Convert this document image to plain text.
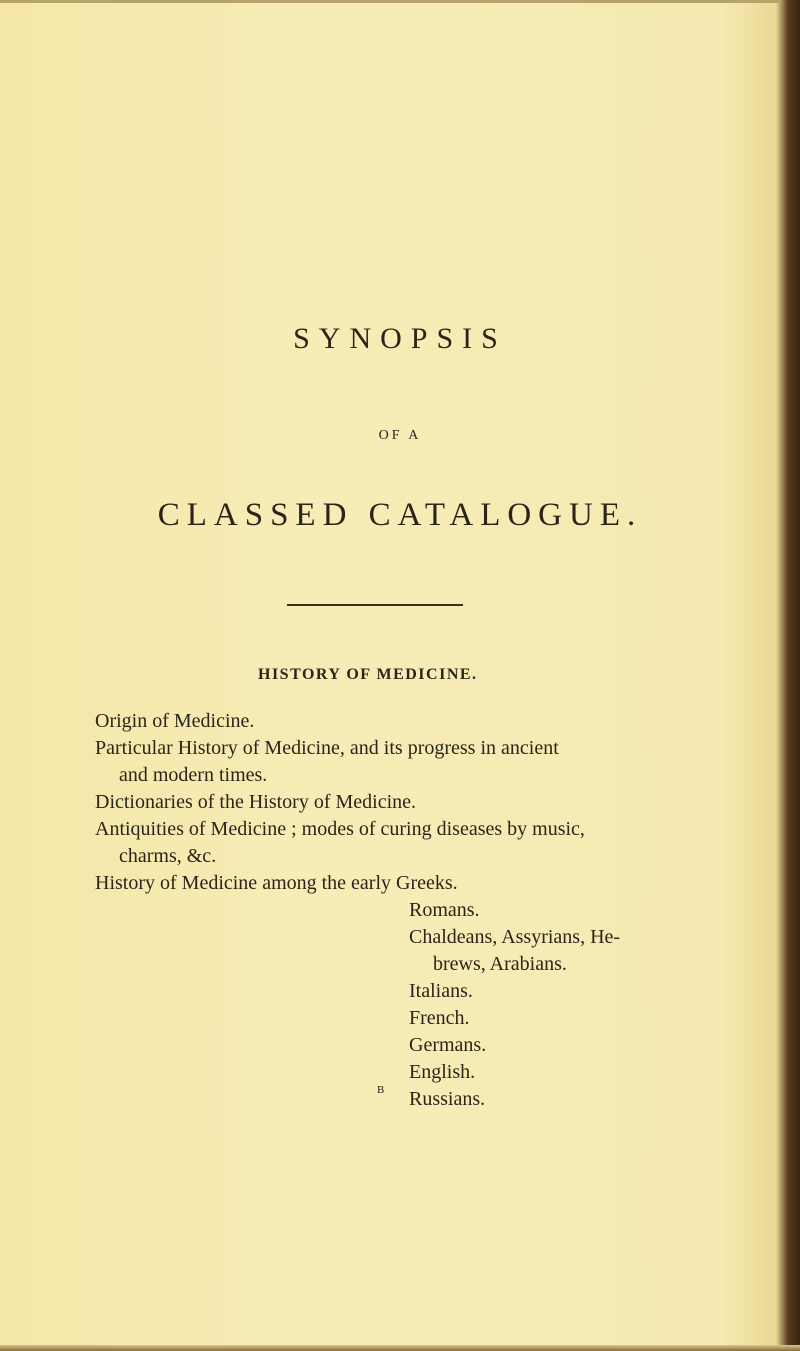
SYNOPSIS
OF A
CLASSED CATALOGUE.
HISTORY OF MEDICINE.
Origin of Medicine.
Particular History of Medicine, and its progress in ancient
and modern times.
Dictionaries of the History of Medicine.
Antiquities of Medicine ; modes of curing diseases by music,
charms, &c.
History of Medicine among the early Greeks.
Romans.
Chaldeans, Assyrians, He-
brews, Arabians.
Italians.
French.
Germans.
English.
Russians.
B
